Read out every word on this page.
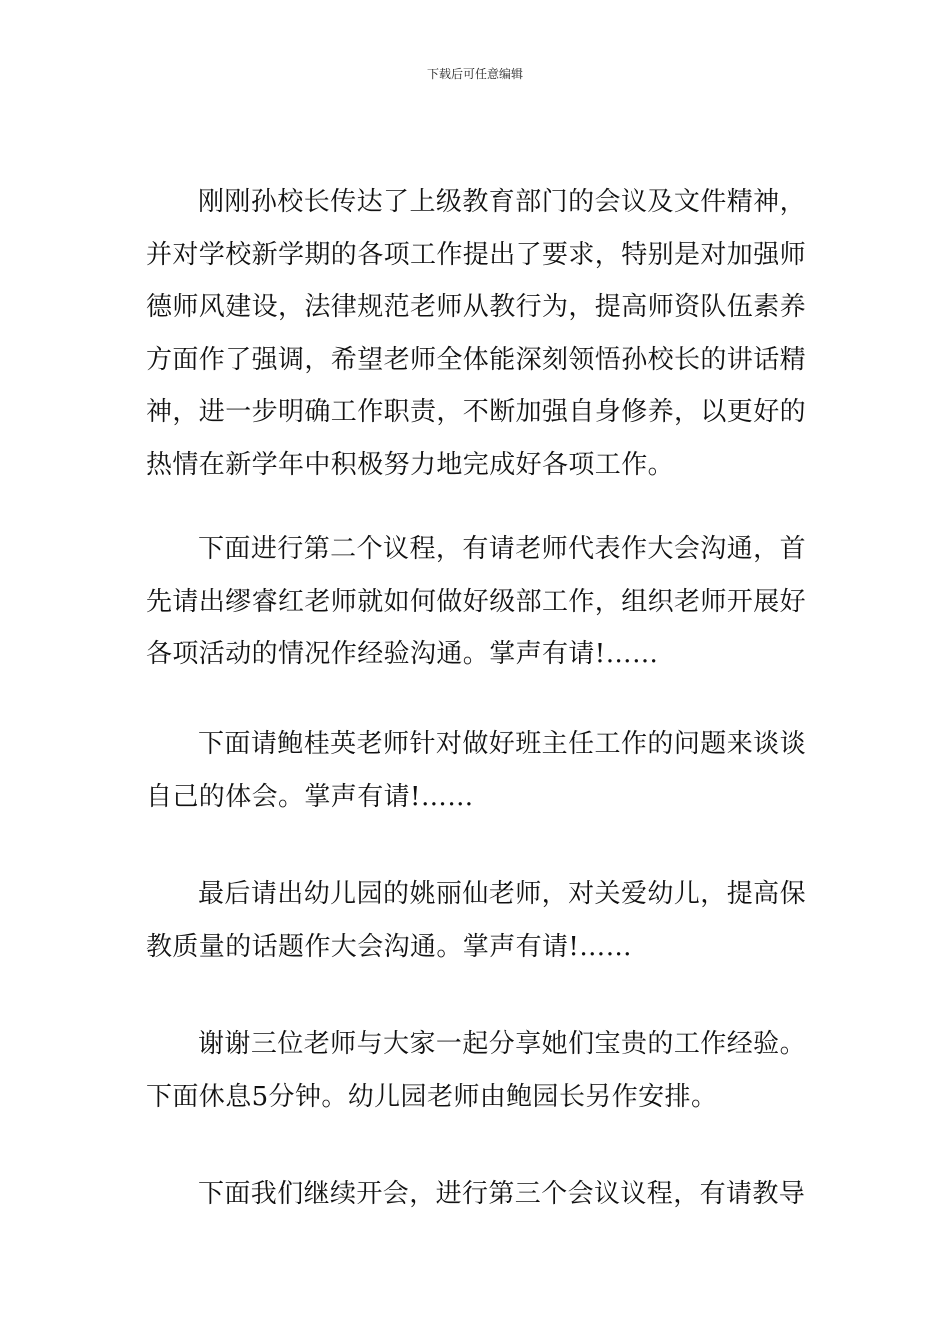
下载后可任意编辑

刚刚孙校长传达了上级教育部门的会议及文件精神，并对学校新学期的各项工作提出了要求，特别是对加强师德师风建设，法律规范老师从教行为，提高师资队伍素养方面作了强调，希望老师全体能深刻领悟孙校长的讲话精神，进一步明确工作职责，不断加强自身修养，以更好的热情在新学年中积极努力地完成好各项工作。

下面进行第二个议程，有请老师代表作大会沟通，首先请出缪睿红老师就如何做好级部工作，组织老师开展好各项活动的情况作经验沟通。掌声有请!……

下面请鲍桂英老师针对做好班主任工作的问题来谈谈自己的体会。掌声有请!……

最后请出幼儿园的姚丽仙老师，对关爱幼儿，提高保教质量的话题作大会沟通。掌声有请!……

谢谢三位老师与大家一起分享她们宝贵的工作经验。下面休息5分钟。幼儿园老师由鲍园长另作安排。

下面我们继续开会，进行第三个会议议程，有请教导
